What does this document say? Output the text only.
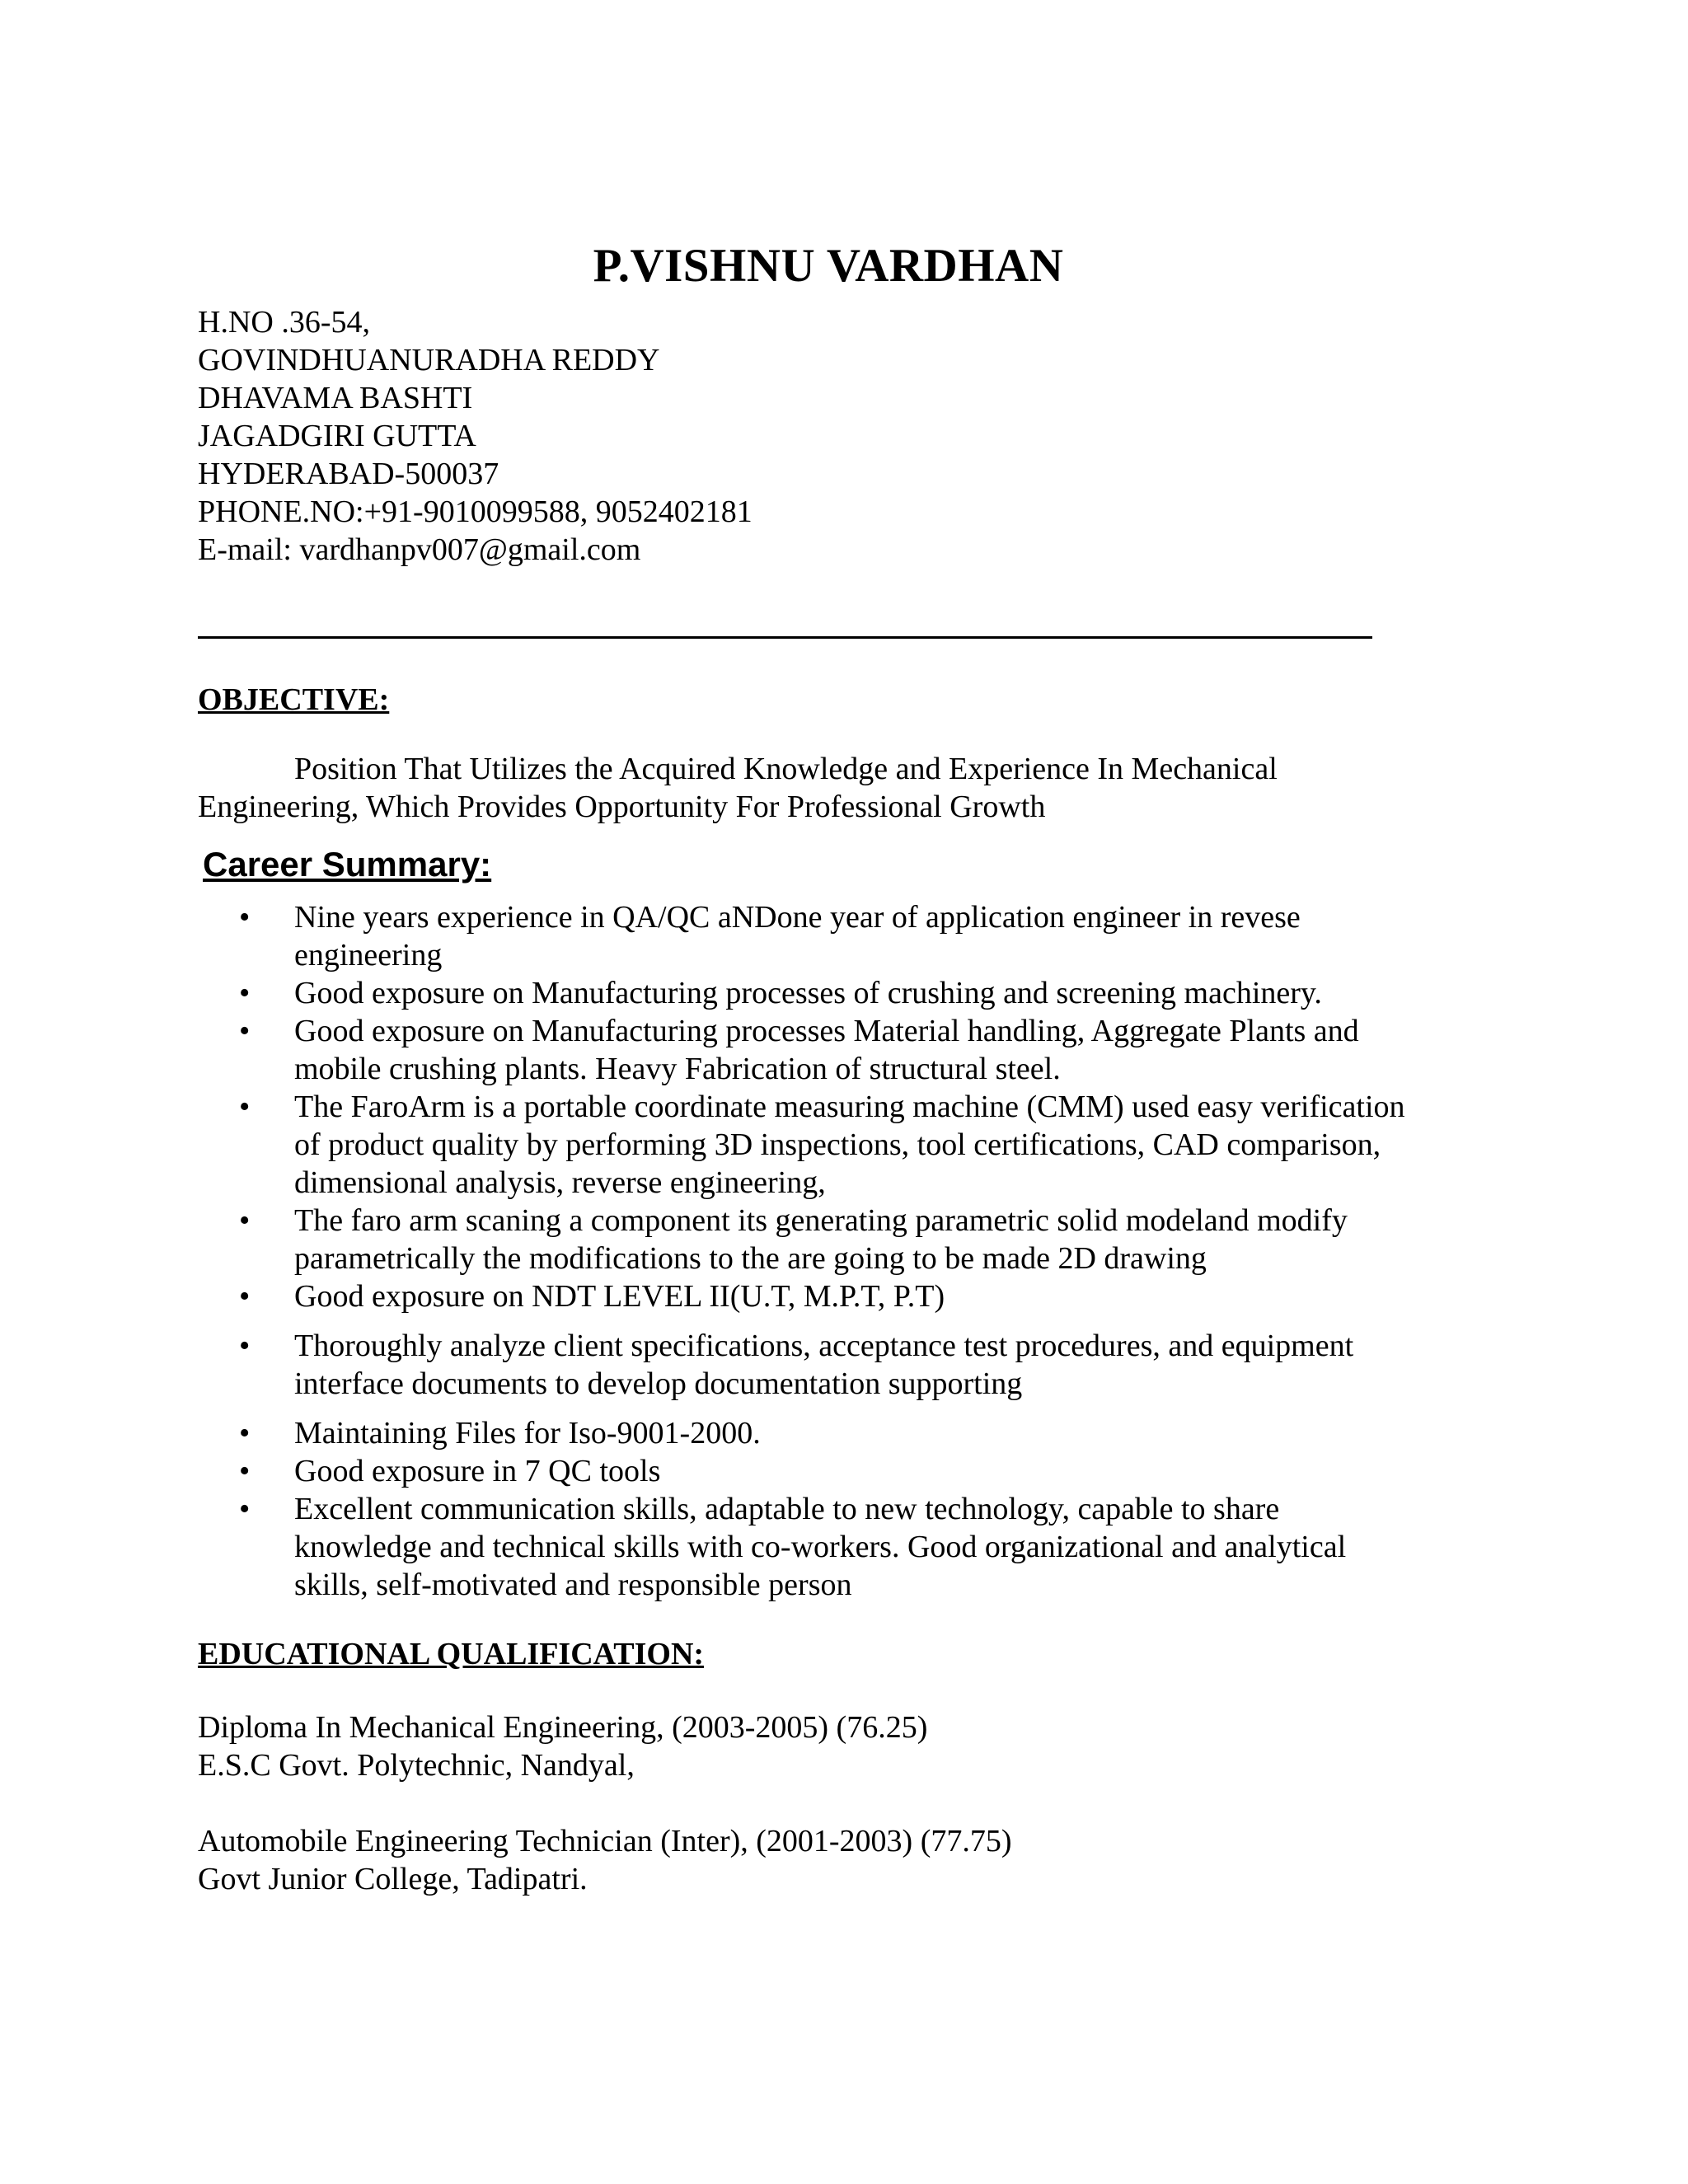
P.VISHNU VARDHAN
H.NO .36-54,
GOVINDHUANURADHA REDDY
DHAVAMA BASHTI
JAGADGIRI GUTTA
HYDERABAD-500037
PHONE.NO:+91-9010099588, 9052402181
E-mail: vardhanpv007@gmail.com
OBJECTIVE:
Position That Utilizes the Acquired Knowledge and Experience In Mechanical
Engineering, Which Provides Opportunity For Professional Growth
Career Summary:
•	Nine years experience in QA/QC aNDone year of application engineer in revese
engineering
•	Good exposure on Manufacturing processes of crushing and screening machinery.
•	Good exposure on Manufacturing processes Material handling, Aggregate Plants and
mobile crushing plants. Heavy Fabrication of structural steel.
•	The FaroArm is a portable coordinate measuring machine (CMM) used easy verification
of product quality by performing 3D inspections, tool certifications, CAD comparison,
dimensional analysis, reverse engineering,
•	The faro arm scaning a component its generating parametric solid modeland modify
parametrically the modifications to the are going to be made 2D drawing
•	Good exposure on NDT LEVEL II(U.T, M.P.T, P.T)
•	Thoroughly analyze client specifications, acceptance test procedures, and equipment
interface documents to develop documentation supporting
•	Maintaining Files for Iso-9001-2000.
•	Good exposure in 7 QC tools
•	Excellent communication skills, adaptable to new technology, capable to share
knowledge and technical skills with co-workers. Good organizational and analytical
skills, self-motivated and responsible person
EDUCATIONAL QUALIFICATION:
Diploma In Mechanical Engineering, (2003-2005) (76.25)
E.S.C Govt. Polytechnic, Nandyal,
Automobile Engineering Technician (Inter), (2001-2003) (77.75)
Govt Junior College, Tadipatri.
